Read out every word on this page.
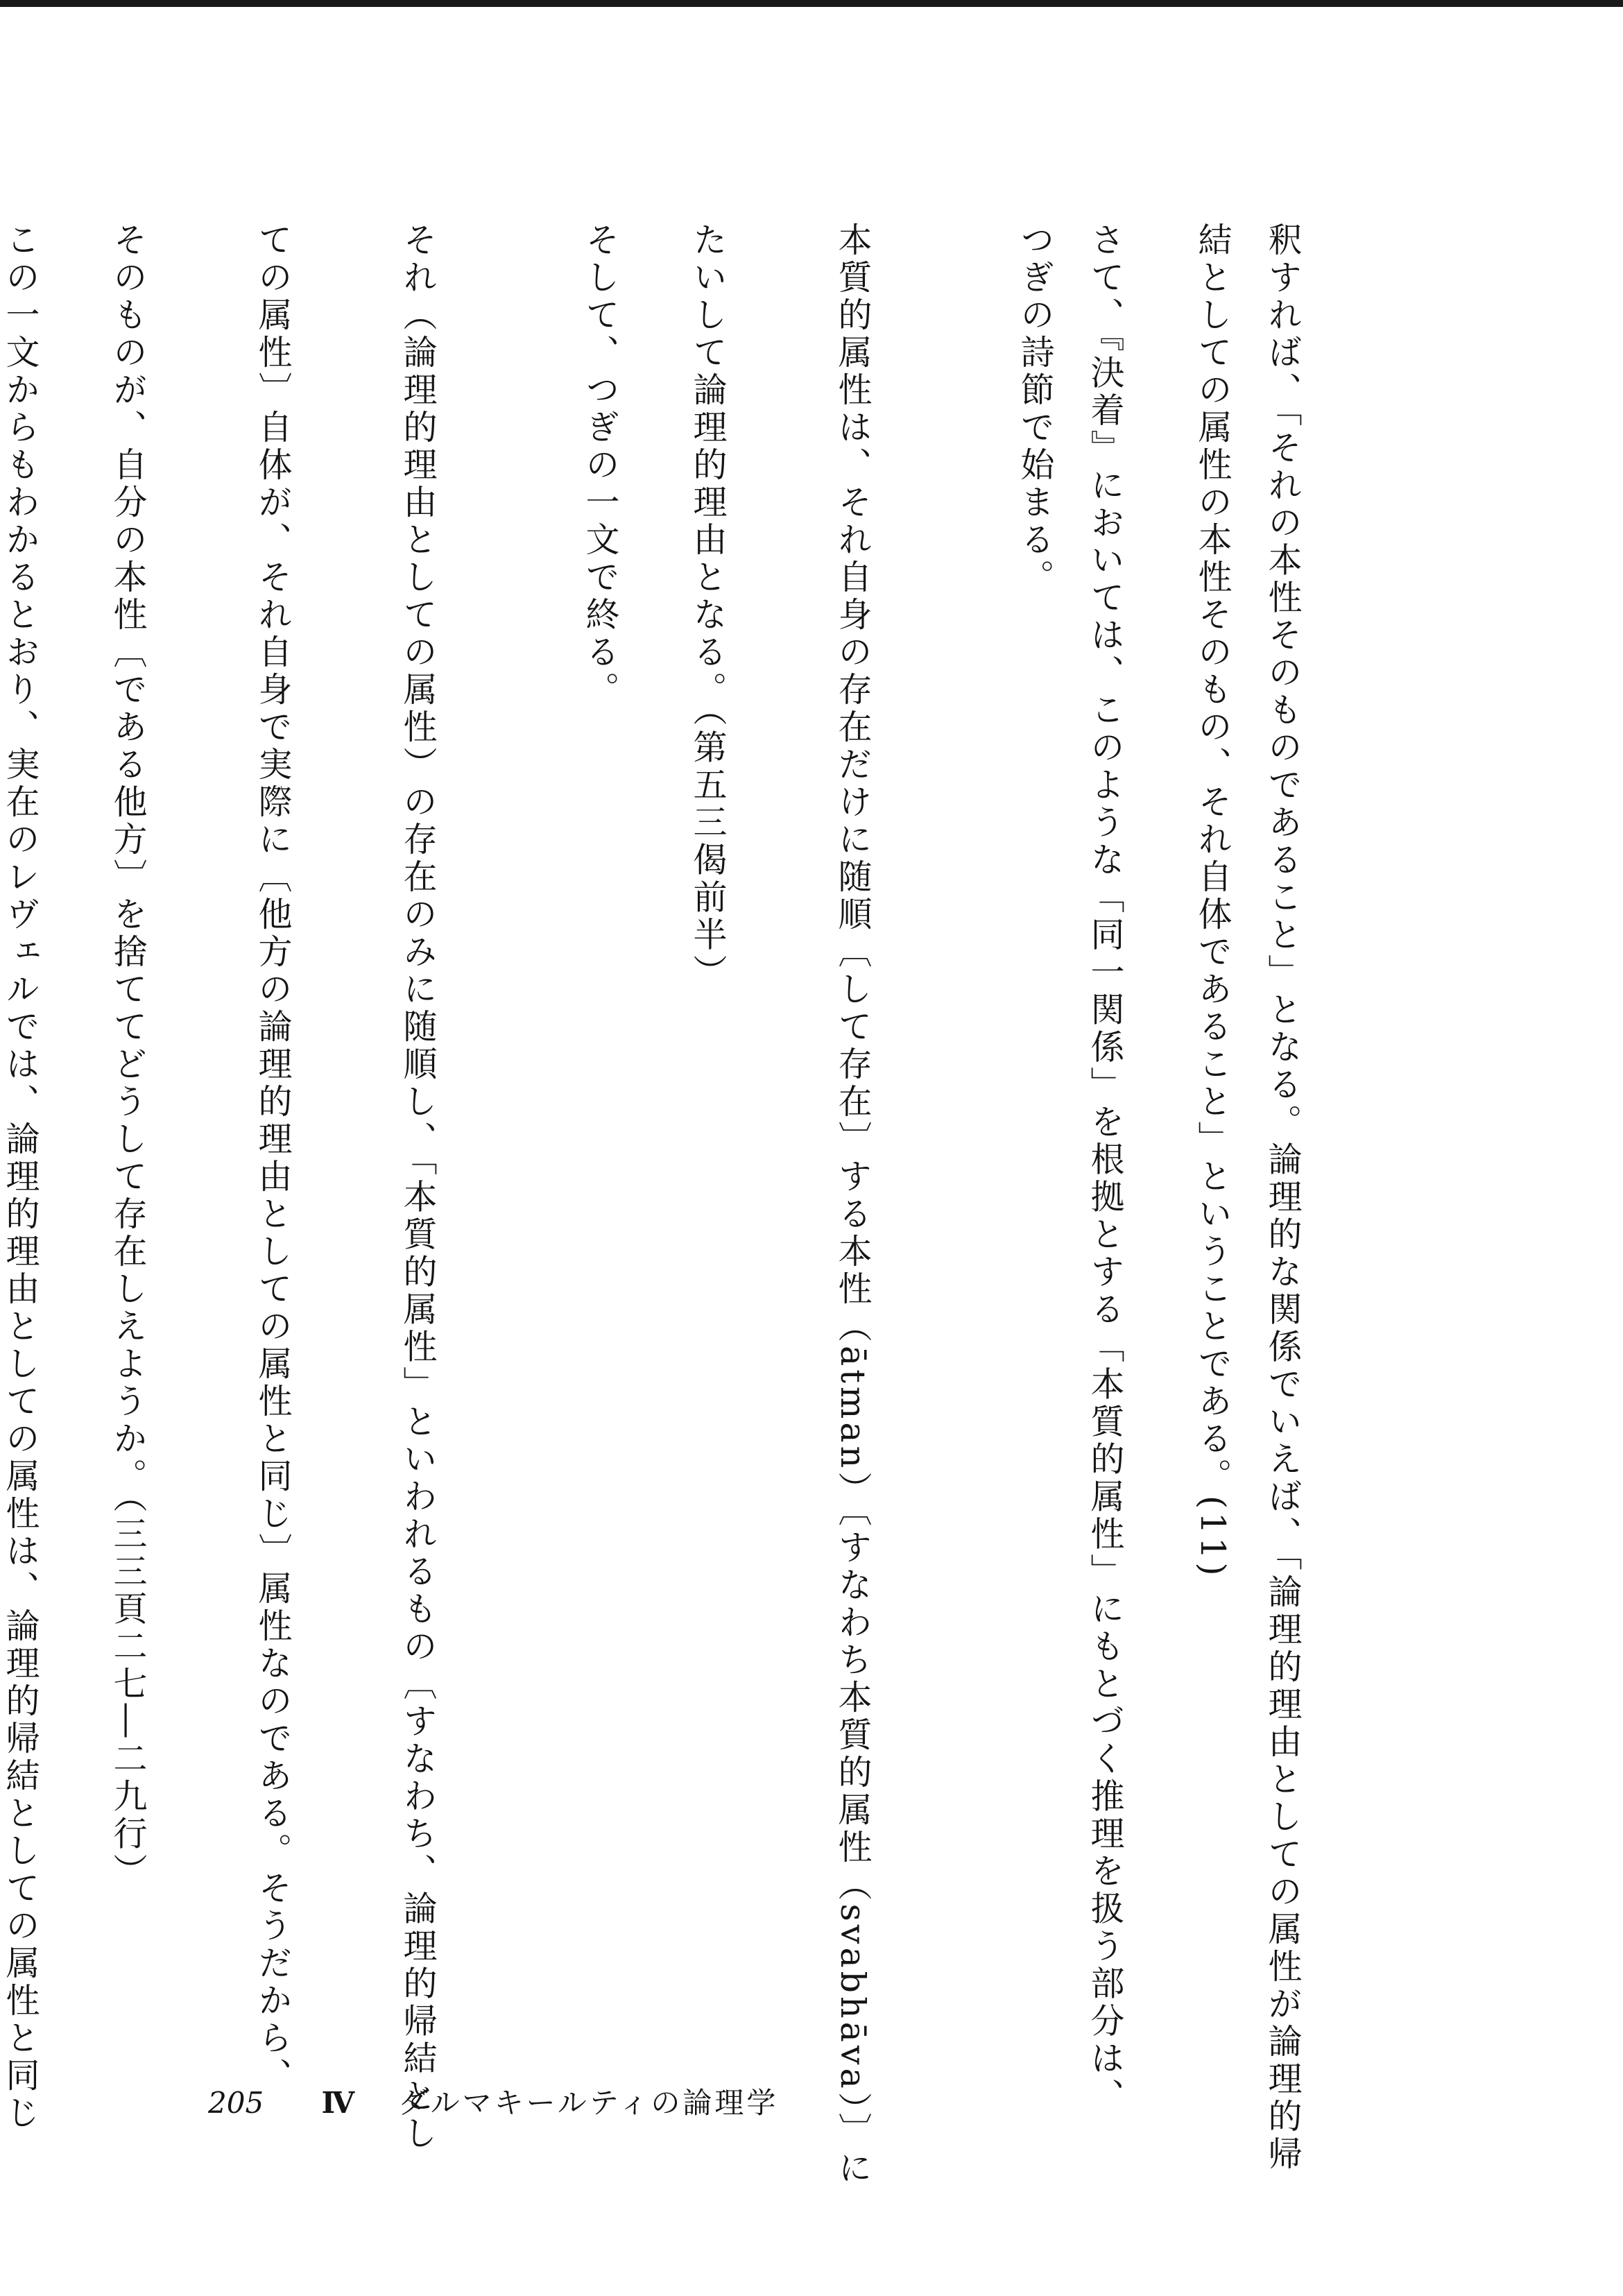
釈すれば、「それの本性そのものであること」となる。論理的な関係でいえば、「論理的理由としての属性が論理的帰
結としての属性の本性そのもの、それ自体であること」ということである。(11)
さて、『決着』においては、このような「同一関係」を根拠とする「本質的属性」にもとづく推理を扱う部分は、
つぎの詩節で始まる。
本質的属性は、それ自身の存在だけに随順〔して存在〕する本性（ātman）〔すなわち本質的属性（svabhāva）〕に
たいして論理的理由となる。（第五三偈前半）
そして、つぎの一文で終る。
それ（論理的理由としての属性）の存在のみに随順し、「本質的属性」といわれるもの〔すなわち、論理的帰結とし
ての属性〕自体が、それ自身で実際に〔他方の論理的理由としての属性と同じ〕属性なのである。そうだから、
そのものが、自分の本性〔である他方〕を捨ててどうして存在しえようか。（三三頁二七―二九行）
この一文からもわかるとおり、実在のレヴェルでは、論理的理由としての属性は、論理的帰結としての属性と同じ	205 Ⅳ ダルマキールティの論理学
